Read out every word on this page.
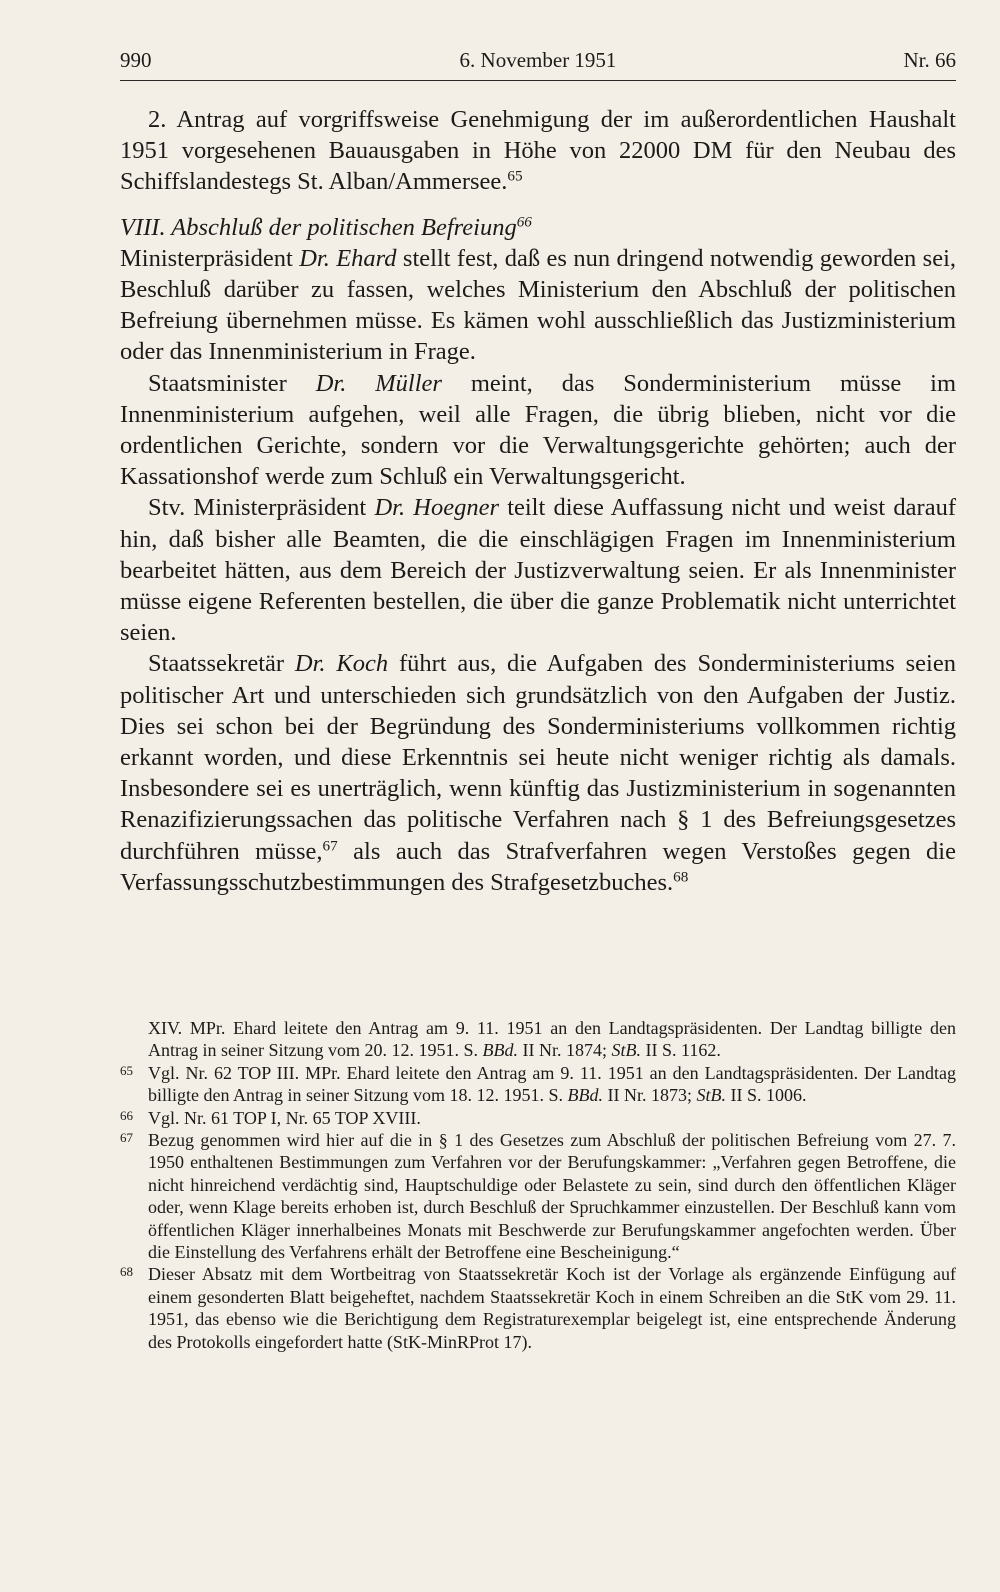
990	6. November 1951	Nr. 66

2. Antrag auf vorgriffsweise Genehmigung der im außerordentlichen Haushalt 1951 vorgesehenen Bauausgaben in Höhe von 22000 DM für den Neubau des Schiffslandestegs St. Alban/Ammersee.$^{65}$

VIII. Abschluß der politischen Befreiung$^{66}$

Ministerpräsident Dr. Ehard stellt fest, daß es nun dringend notwendig geworden sei, Beschluß darüber zu fassen, welches Ministerium den Abschluß der politischen Befreiung übernehmen müsse. Es kämen wohl ausschließlich das Justizministerium oder das Innenministerium in Frage.

Staatsminister Dr. Müller meint, das Sonderministerium müsse im Innenministerium aufgehen, weil alle Fragen, die übrig blieben, nicht vor die ordentlichen Gerichte, sondern vor die Verwaltungsgerichte gehörten; auch der Kassationshof werde zum Schluß ein Verwaltungsgericht.

Stv. Ministerpräsident Dr. Hoegner teilt diese Auffassung nicht und weist darauf hin, daß bisher alle Beamten, die die einschlägigen Fragen im Innenministerium bearbeitet hätten, aus dem Bereich der Justizverwaltung seien. Er als Innenminister müsse eigene Referenten bestellen, die über die ganze Problematik nicht unterrichtet seien.

Staatssekretär Dr. Koch führt aus, die Aufgaben des Sonderministeriums seien politischer Art und unterschieden sich grundsätzlich von den Aufgaben der Justiz. Dies sei schon bei der Begründung des Sonderministeriums vollkommen richtig erkannt worden, und diese Erkenntnis sei heute nicht weniger richtig als damals. Insbesondere sei es unerträglich, wenn künftig das Justizministerium in sogenannten Renazifizierungssachen das politische Verfahren nach § 1 des Befreiungsgesetzes durchführen müsse,$^{67}$ als auch das Strafverfahren wegen Verstoßes gegen die Verfassungsschutzbestimmungen des Strafgesetzbuches.$^{68}$

XIV. MPr. Ehard leitete den Antrag am 9. 11. 1951 an den Landtagspräsidenten. Der Landtag billigte den Antrag in seiner Sitzung vom 20. 12. 1951. S. BBd. II Nr. 1874; StB. II S. 1162.
65 Vgl. Nr. 62 TOP III. MPr. Ehard leitete den Antrag am 9. 11. 1951 an den Landtagspräsidenten. Der Landtag billigte den Antrag in seiner Sitzung vom 18. 12. 1951. S. BBd. II Nr. 1873; StB. II S. 1006.
66 Vgl. Nr. 61 TOP I, Nr. 65 TOP XVIII.
67 Bezug genommen wird hier auf die in § 1 des Gesetzes zum Abschluß der politischen Befreiung vom 27. 7. 1950 enthaltenen Bestimmungen zum Verfahren vor der Berufungskammer: „Verfahren gegen Betroffene, die nicht hinreichend verdächtig sind, Hauptschuldige oder Belastete zu sein, sind durch den öffentlichen Kläger oder, wenn Klage bereits erhoben ist, durch Beschluß der Spruchkammer einzustellen. Der Beschluß kann vom öffentlichen Kläger innerhalbeines Monats mit Beschwerde zur Berufungskammer angefochten werden. Über die Einstellung des Verfahrens erhält der Betroffene eine Bescheinigung.“
68 Dieser Absatz mit dem Wortbeitrag von Staatssekretär Koch ist der Vorlage als ergänzende Einfügung auf einem gesonderten Blatt beigeheftet, nachdem Staatssekretär Koch in einem Schreiben an die StK vom 29. 11. 1951, das ebenso wie die Berichtigung dem Registraturexemplar beigelegt ist, eine entsprechende Änderung des Protokolls eingefordert hatte (StK-MinRProt 17).
